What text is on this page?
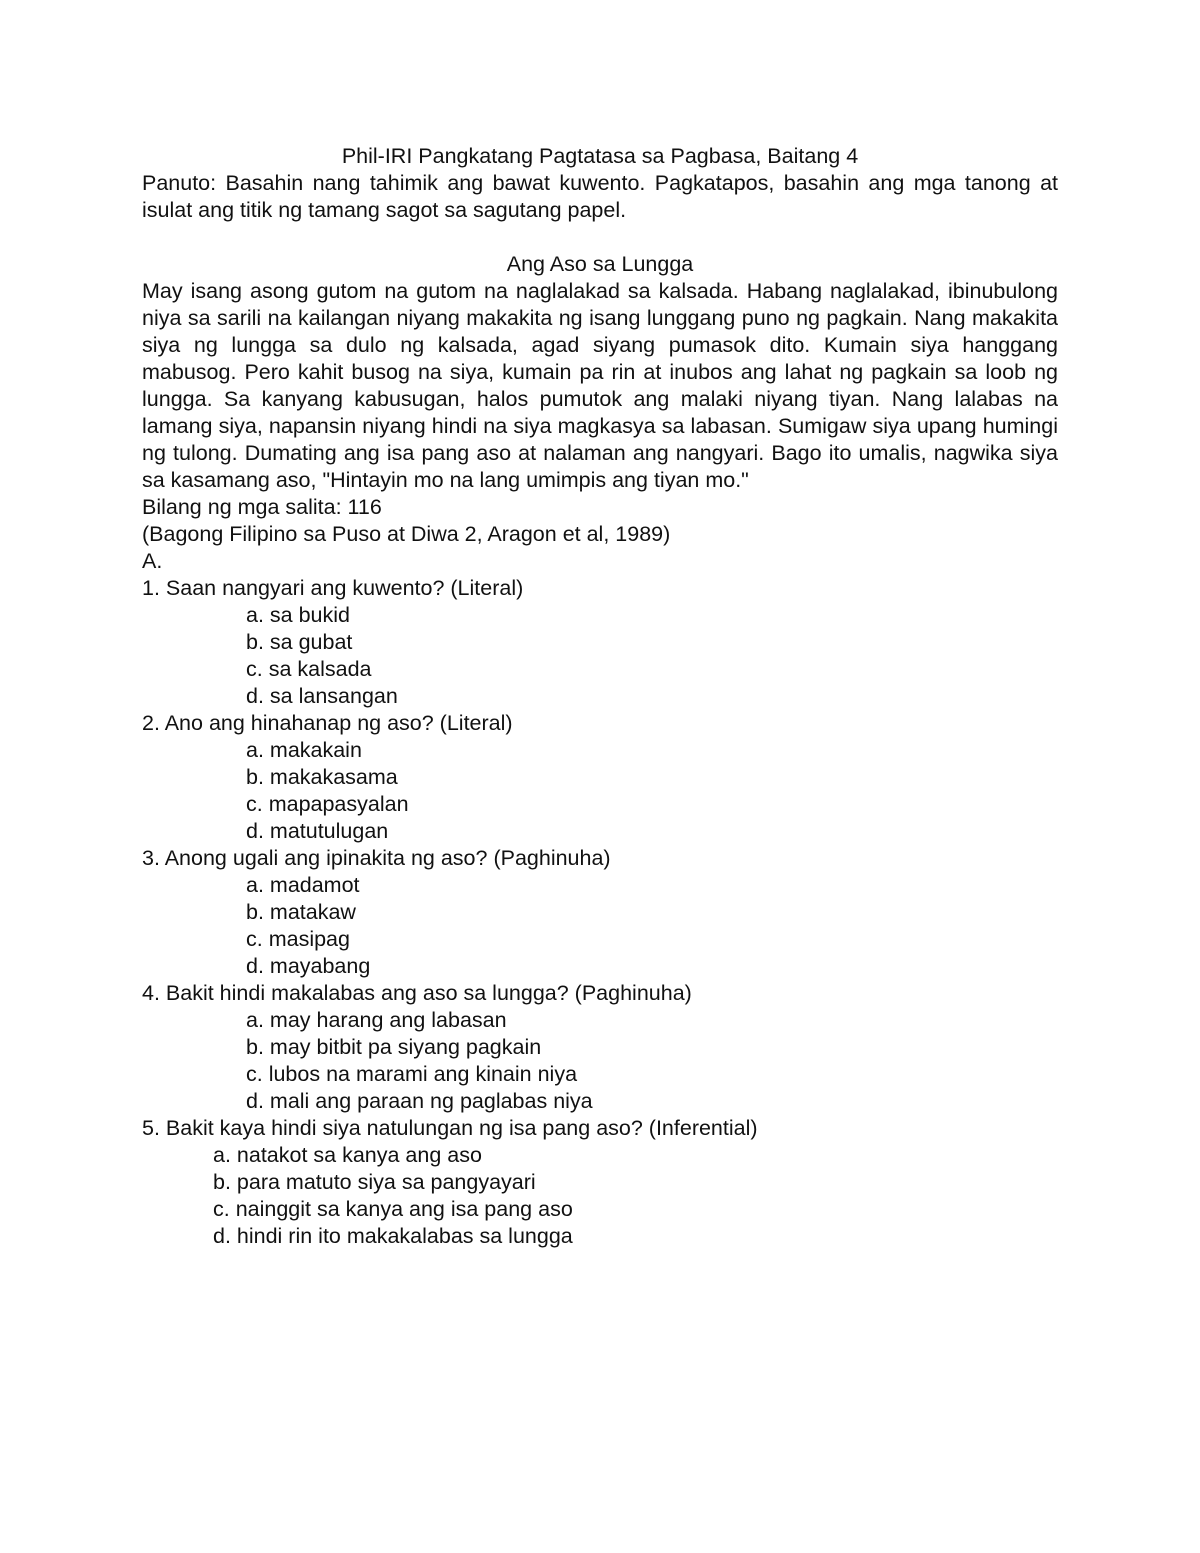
Phil-IRI Pangkatang Pagtatasa sa Pagbasa, Baitang 4
Panuto: Basahin nang tahimik ang bawat kuwento. Pagkatapos, basahin ang mga tanong at isulat ang titik ng tamang sagot sa sagutang papel.
Ang Aso sa Lungga
May isang asong gutom na gutom na naglalakad sa kalsada. Habang naglalakad, ibinubulong niya sa sarili na kailangan niyang makakita ng isang lunggang puno ng pagkain. Nang makakita siya ng lungga sa dulo ng kalsada, agad siyang pumasok dito. Kumain siya hanggang mabusog. Pero kahit busog na siya, kumain pa rin at inubos ang lahat ng pagkain sa loob ng lungga. Sa kanyang kabusugan, halos pumutok ang malaki niyang tiyan. Nang lalabas na lamang siya, napansin niyang hindi na siya magkasya sa labasan. Sumigaw siya upang humingi ng tulong. Dumating ang isa pang aso at nalaman ang nangyari. Bago ito umalis, nagwika siya sa kasamang aso, "Hintayin mo na lang umimpis ang tiyan mo."
Bilang ng mga salita: 116
(Bagong Filipino sa Puso at Diwa 2, Aragon et al, 1989)
A.
1. Saan nangyari ang kuwento? (Literal)
a. sa bukid
b. sa gubat
c. sa kalsada
d. sa lansangan
2. Ano ang hinahanap ng aso? (Literal)
a. makakain
b. makakasama
c. mapapasyalan
d. matutulugan
3. Anong ugali ang ipinakita ng aso? (Paghinuha)
a. madamot
b. matakaw
c. masipag
d. mayabang
4. Bakit hindi makalabas ang aso sa lungga? (Paghinuha)
a. may harang ang labasan
b. may bitbit pa siyang pagkain
c. lubos na marami ang kinain niya
d. mali ang paraan ng paglabas niya
5. Bakit kaya hindi siya natulungan ng isa pang aso? (Inferential)
a. natakot sa kanya ang aso
b. para matuto siya sa pangyayari
c. nainggit sa kanya ang isa pang aso
d. hindi rin ito makakalabas sa lungga
